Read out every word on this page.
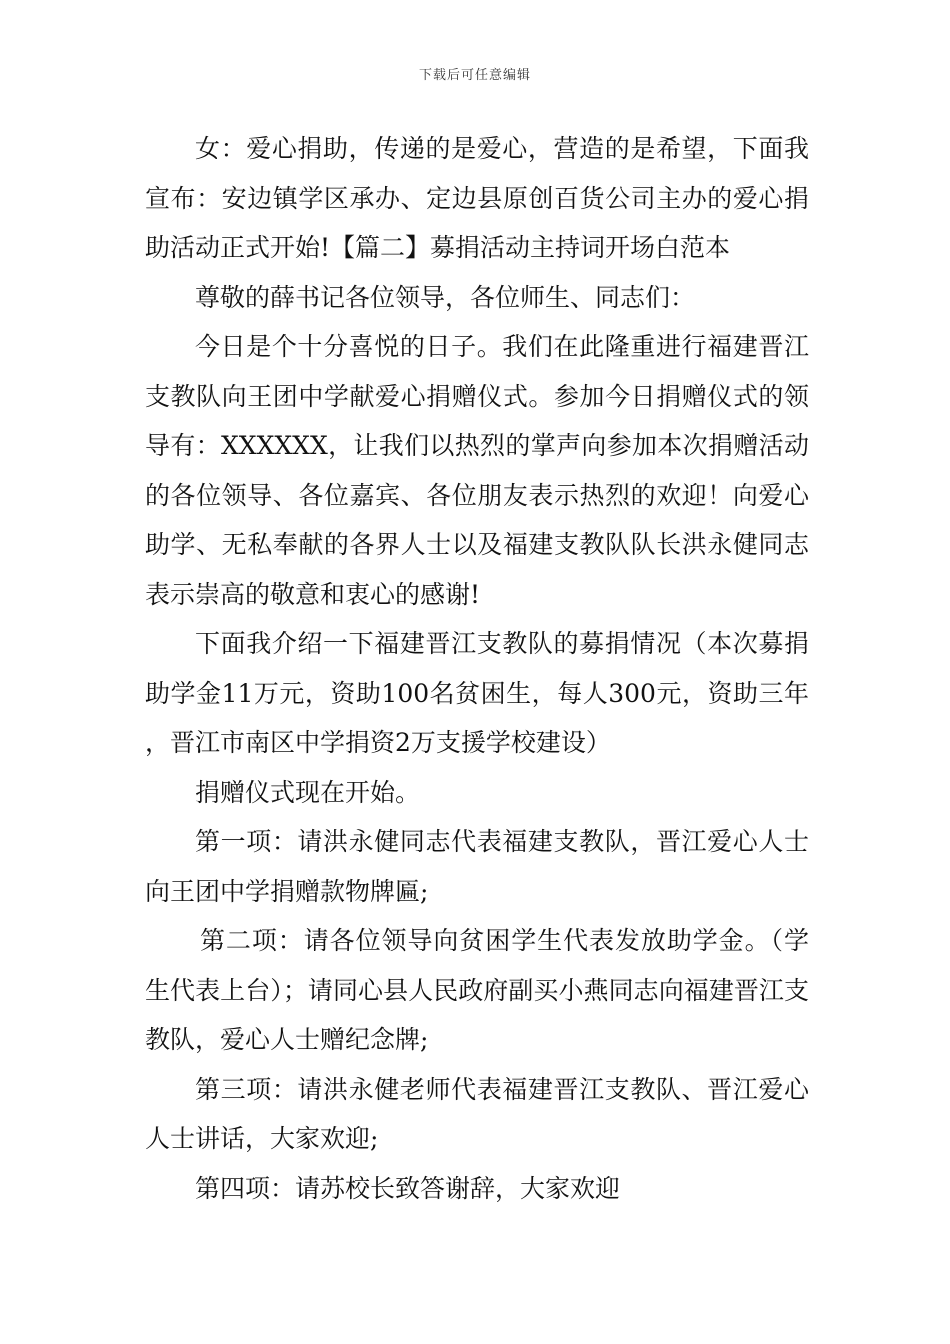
下载后可任意编辑

女：爱心捐助，传递的是爱心，营造的是希望，下面我宣布：安边镇学区承办、定边县原创百货公司主办的爱心捐助活动正式开始!【篇二】募捐活动主持词开场白范本

尊敬的薛书记各位领导，各位师生、同志们：

今日是个十分喜悦的日子。我们在此隆重进行福建晋江支教队向王团中学献爱心捐赠仪式。参加今日捐赠仪式的领导有：XXXXXX，让我们以热烈的掌声向参加本次捐赠活动的各位领导、各位嘉宾、各位朋友表示热烈的欢迎！向爱心助学、无私奉献的各界人士以及福建支教队队长洪永健同志表示崇高的敬意和衷心的感谢!

下面我介绍一下福建晋江支教队的募捐情况（本次募捐助学金11万元，资助100名贫困生，每人300元，资助三年，晋江市南区中学捐资2万支援学校建设）

捐赠仪式现在开始。

第一项：请洪永健同志代表福建支教队，晋江爱心人士向王团中学捐赠款物牌匾;

第二项：请各位领导向贫困学生代表发放助学金。（学生代表上台）；请同心县人民政府副买小燕同志向福建晋江支教队，爱心人士赠纪念牌;

第三项：请洪永健老师代表福建晋江支教队、晋江爱心人士讲话，大家欢迎;

第四项：请苏校长致答谢辞，大家欢迎
